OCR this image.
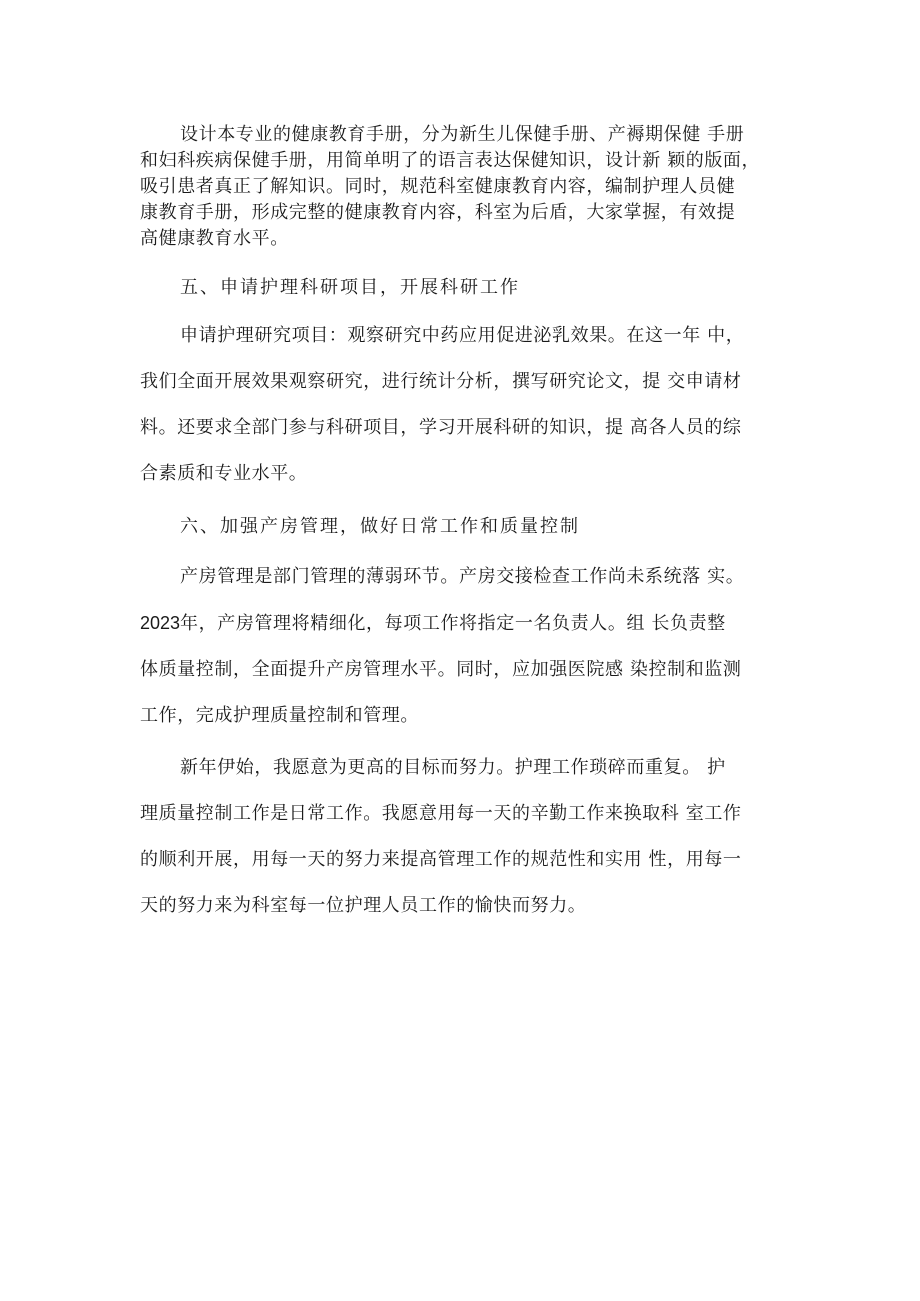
设计本专业的健康教育手册，分为新生儿保健手册、产褥期保健 手册
和妇科疾病保健手册，用简单明了的语言表达保健知识，设计新 颖的版面，
吸引患者真正了解知识。同时，规范科室健康教育内容，编制护理人员健
康教育手册，形成完整的健康教育内容，科室为后盾，大家掌握，有效提
高健康教育水平。
五、申请护理科研项目，开展科研工作
申请护理研究项目：观察研究中药应用促进泌乳效果。在这一年 中，
我们全面开展效果观察研究，进行统计分析，撰写研究论文，提 交申请材
料。还要求全部门参与科研项目，学习开展科研的知识，提 高各人员的综
合素质和专业水平。
六、加强产房管理，做好日常工作和质量控制
产房管理是部门管理的薄弱环节。产房交接检查工作尚未系统落 实。
2023年，产房管理将精细化，每项工作将指定一名负责人。组 长负责整
体质量控制，全面提升产房管理水平。同时，应加强医院感 染控制和监测
工作，完成护理质量控制和管理。
新年伊始，我愿意为更高的目标而努力。护理工作琐碎而重复。 护
理质量控制工作是日常工作。我愿意用每一天的辛勤工作来换取科 室工作
的顺利开展，用每一天的努力来提高管理工作的规范性和实用 性，用每一
天的努力来为科室每一位护理人员工作的愉快而努力。
